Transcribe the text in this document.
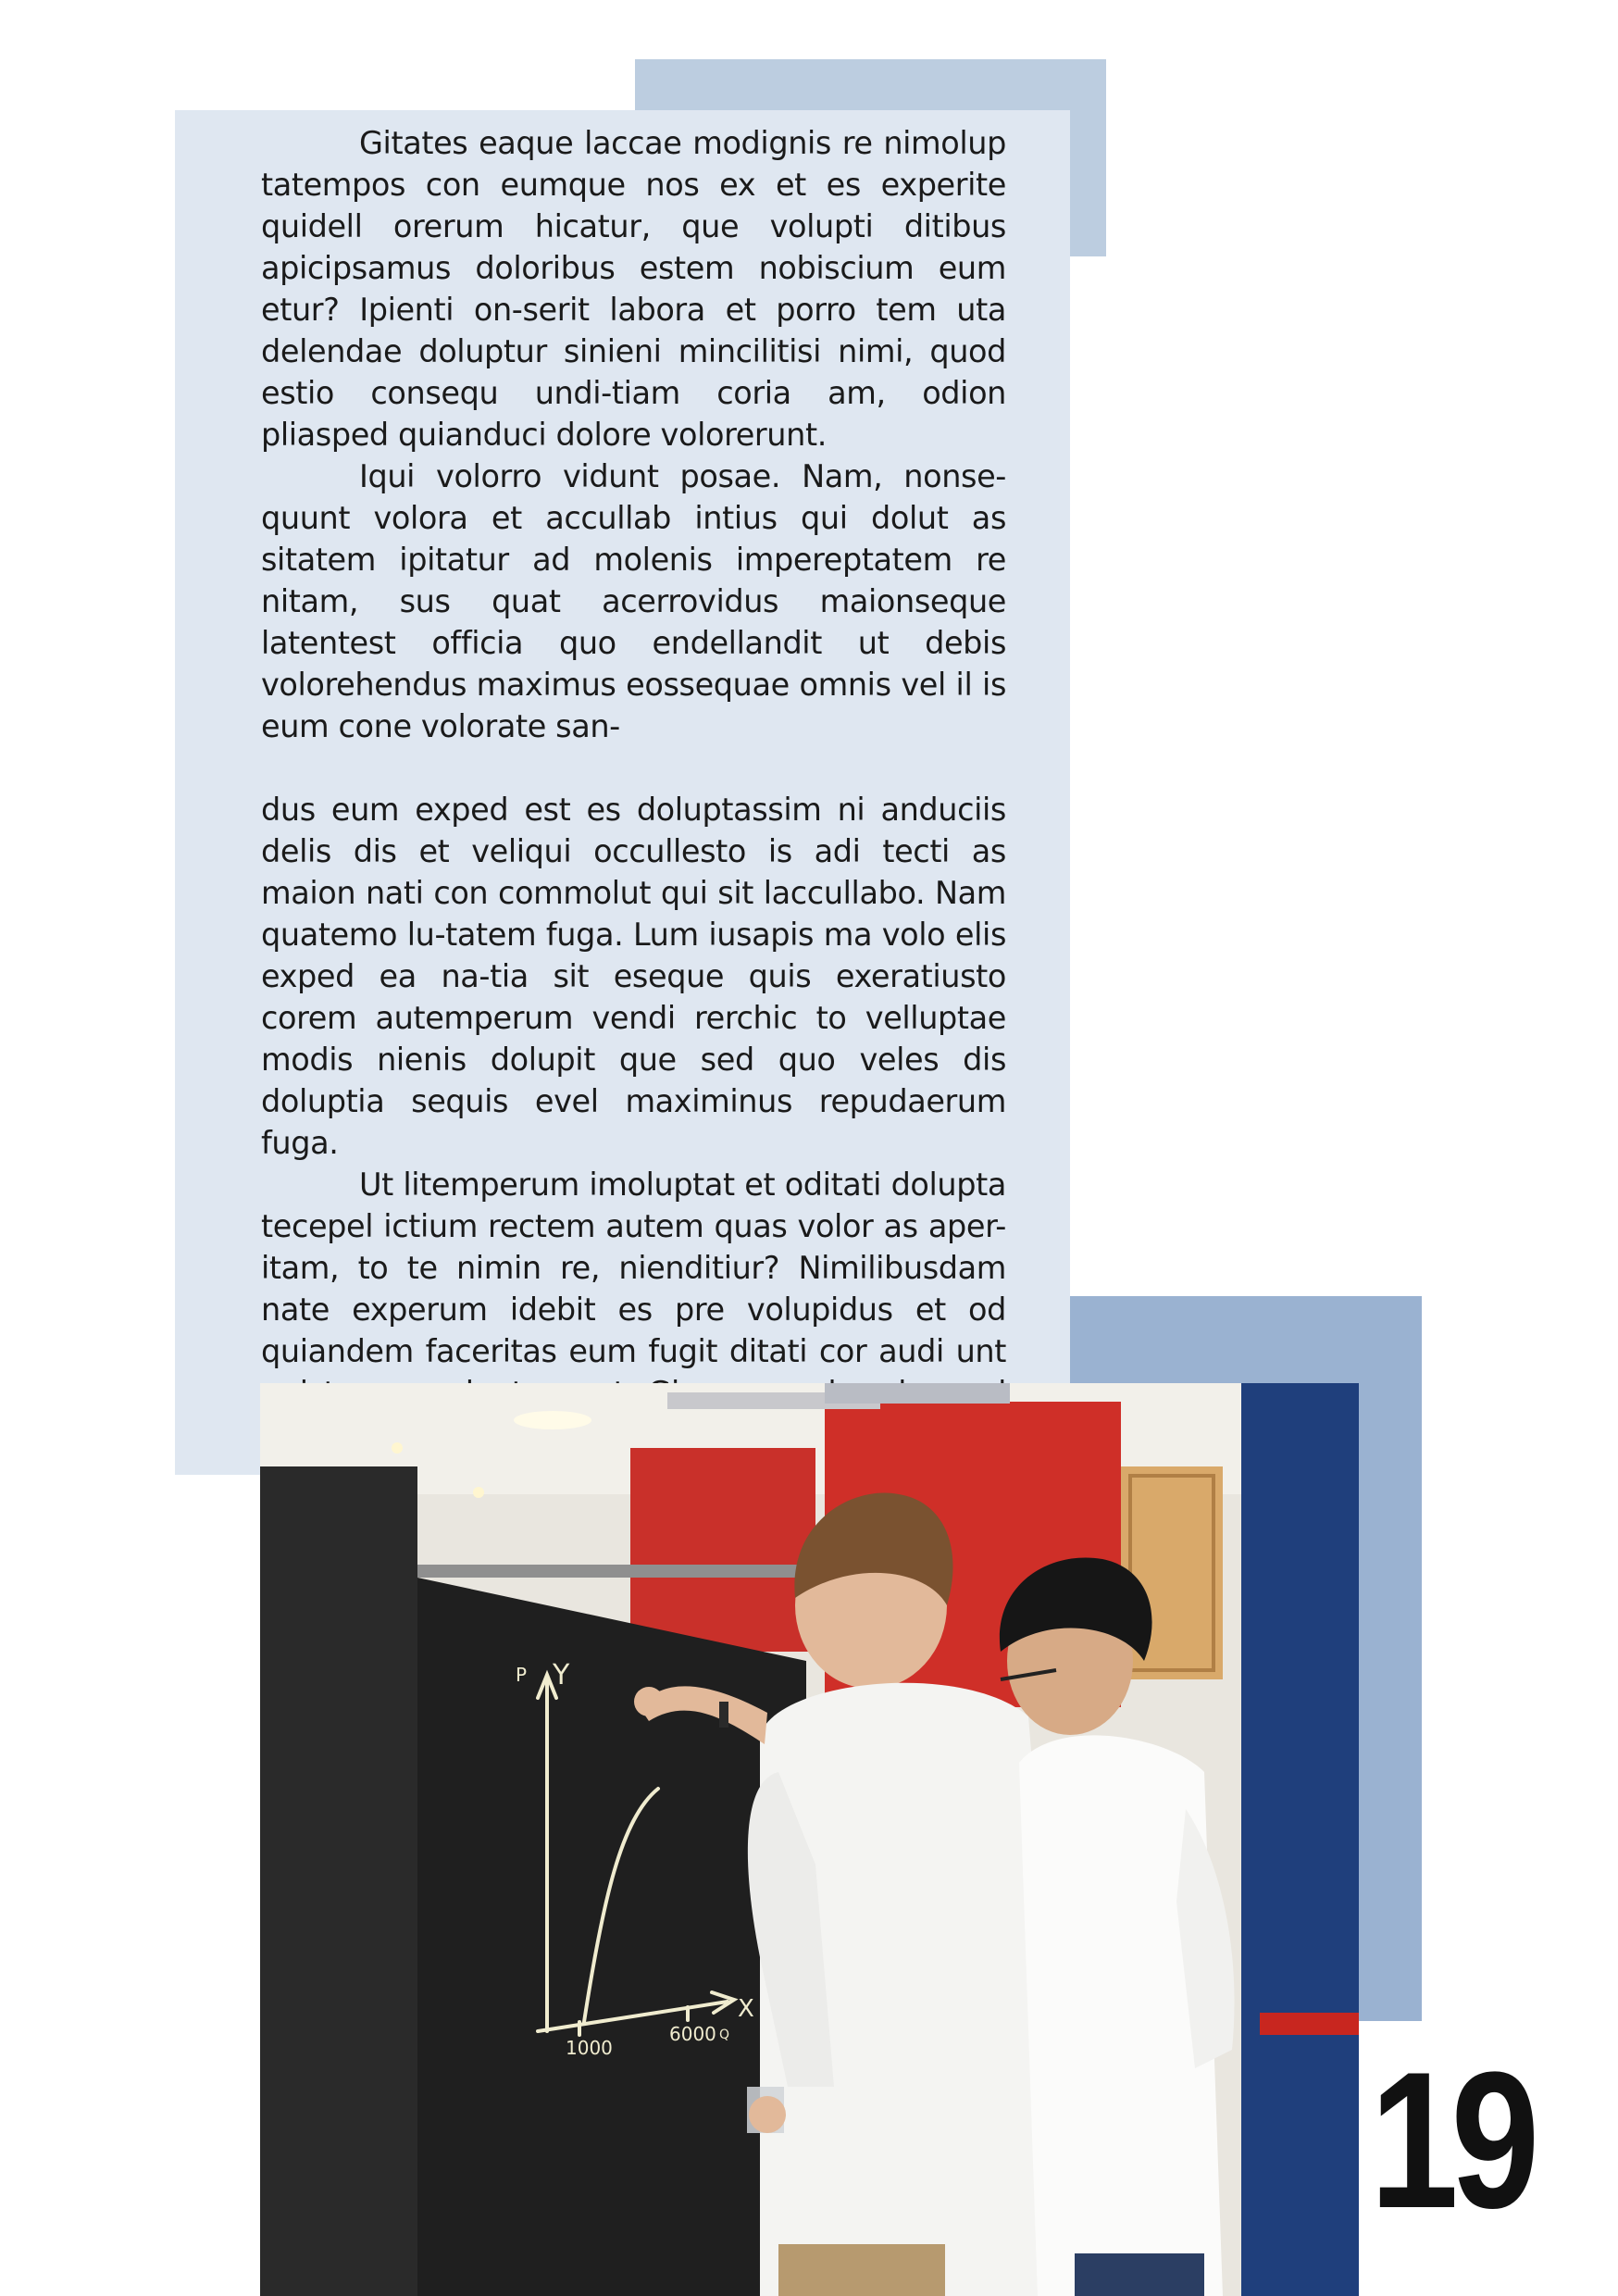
Gitates eaque laccae modignis re nimolup tatempos con eumque nos ex et es experite quidell orerum hicatur, que volupti ditibus apicipsamus doloribus estem nobiscium eum etur? Ipienti on-serit labora et porro tem uta delendae doluptur sinieni mincilitisi nimi, quod estio consequ undi-tiam coria am, odion pliasped quianduci dolore volorerunt.

Iqui volorro vidunt posae. Nam, nonse-quunt volora et accullab intius qui dolut as sitatem ipitatur ad molenis impereptatem re nitam, sus quat acerrovidus maionseque latentest officia quo endellandit ut debis volorehendus maximus eossequae omnis vel il is eum cone volorate san-

dus eum exped est es doluptassim ni anduciis delis dis et veliqui occullesto is adi tecti as maion nati con commolut qui sit laccullabo. Nam quatemo lu-tatem fuga. Lum iusapis ma volo elis exped ea na-tia sit eseque quis exeratiusto corem autemperum vendi rerchic to velluptae modis nienis dolupit que sed quo veles dis doluptia sequis evel maximinus repudaerum fuga.

Ut litemperum imoluptat et oditati dolupta tecepel ictium rectem autem quas volor as aper-itam, to te nimin re, nienditiur? Nimilibusdam nate experum idebit es pre volupidus et od quiandem faceritas eum fugit ditati cor audi unt

P Y
X
1000
6000 Q	19
